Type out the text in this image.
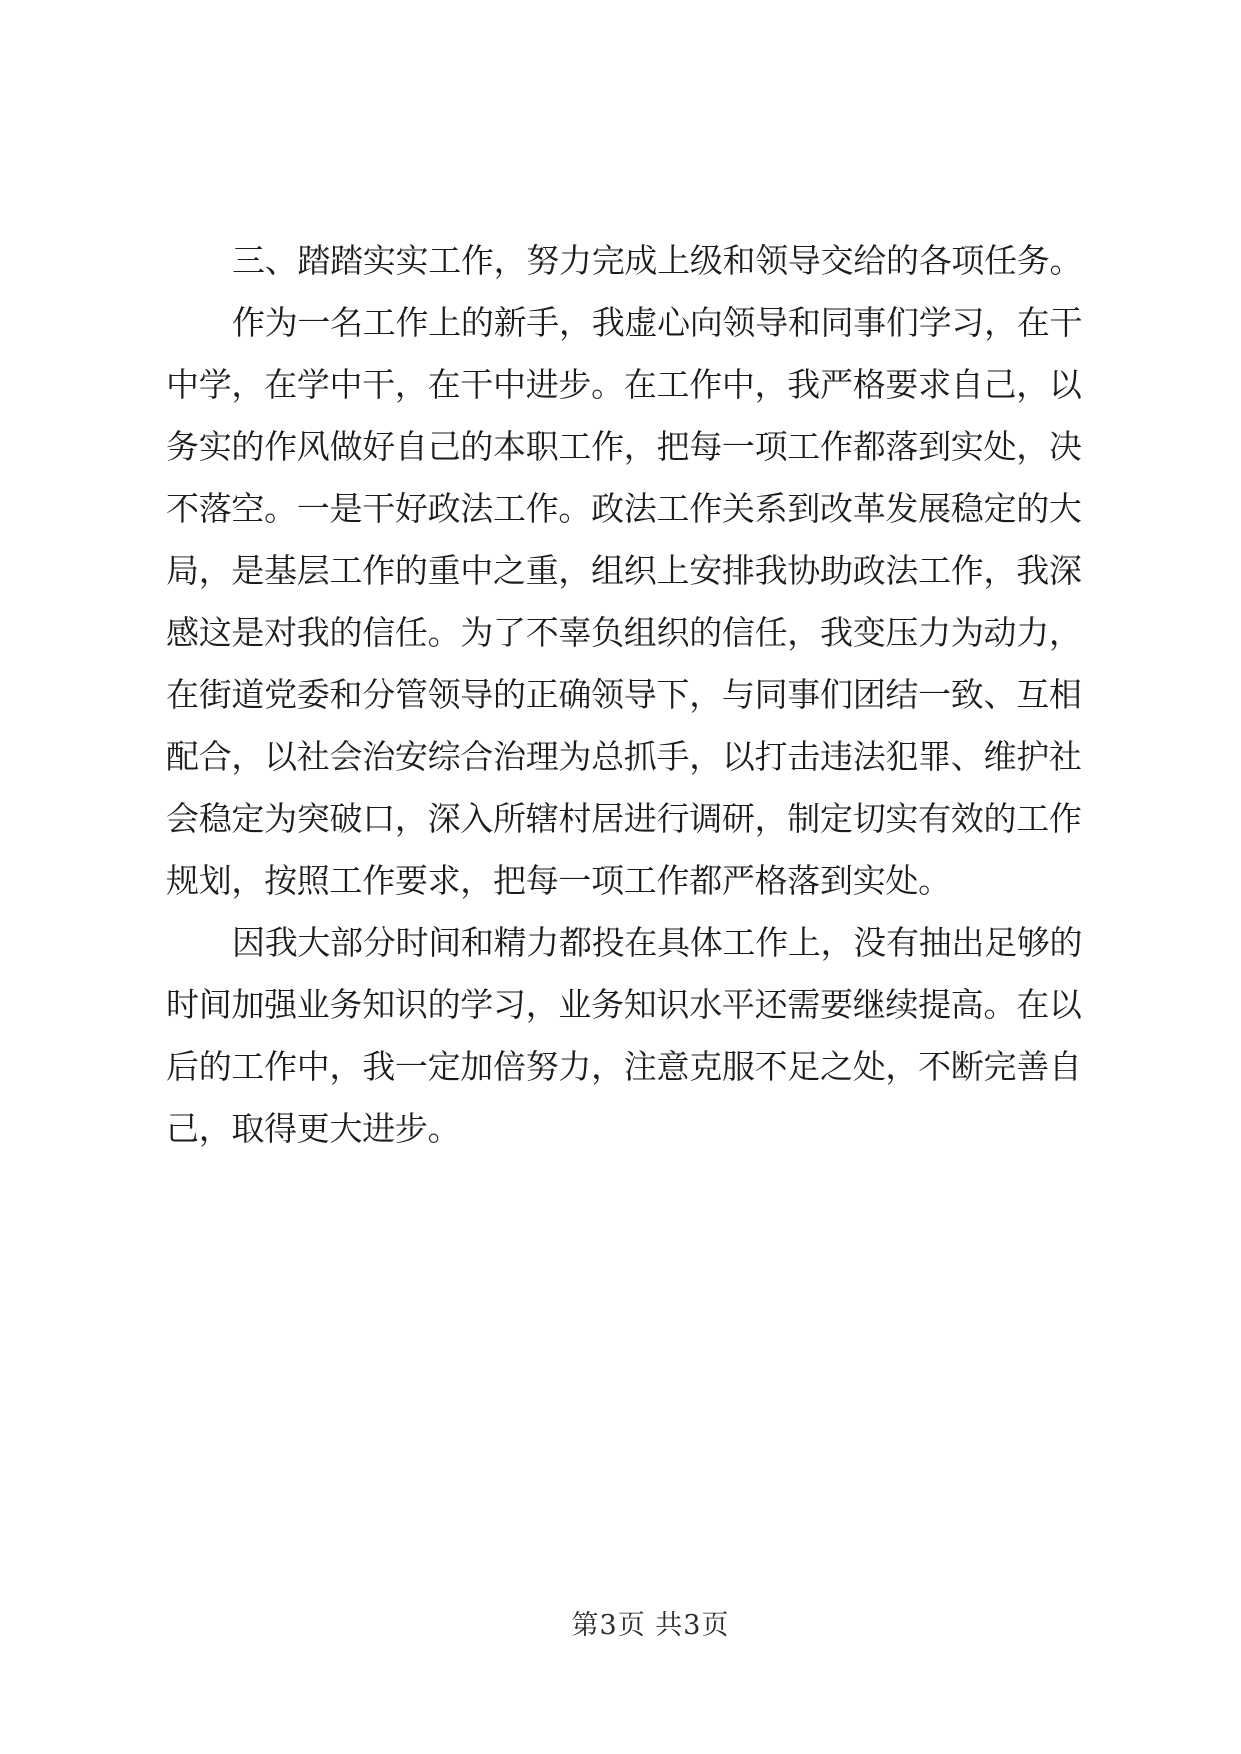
三、踏踏实实工作，努力完成上级和领导交给的各项任务。
作为一名工作上的新手，我虚心向领导和同事们学习，在干
中学，在学中干，在干中进步。在工作中，我严格要求自己，以
务实的作风做好自己的本职工作，把每一项工作都落到实处，决
不落空。一是干好政法工作。政法工作关系到改革发展稳定的大
局，是基层工作的重中之重，组织上安排我协助政法工作，我深
感这是对我的信任。为了不辜负组织的信任，我变压力为动力，
在街道党委和分管领导的正确领导下，与同事们团结一致、互相
配合，以社会治安综合治理为总抓手，以打击违法犯罪、维护社
会稳定为突破口，深入所辖村居进行调研，制定切实有效的工作
规划，按照工作要求，把每一项工作都严格落到实处。
因我大部分时间和精力都投在具体工作上，没有抽出足够的
时间加强业务知识的学习，业务知识水平还需要继续提高。在以
后的工作中，我一定加倍努力，注意克服不足之处，不断完善自
己，取得更大进步。
第3页 共3页
